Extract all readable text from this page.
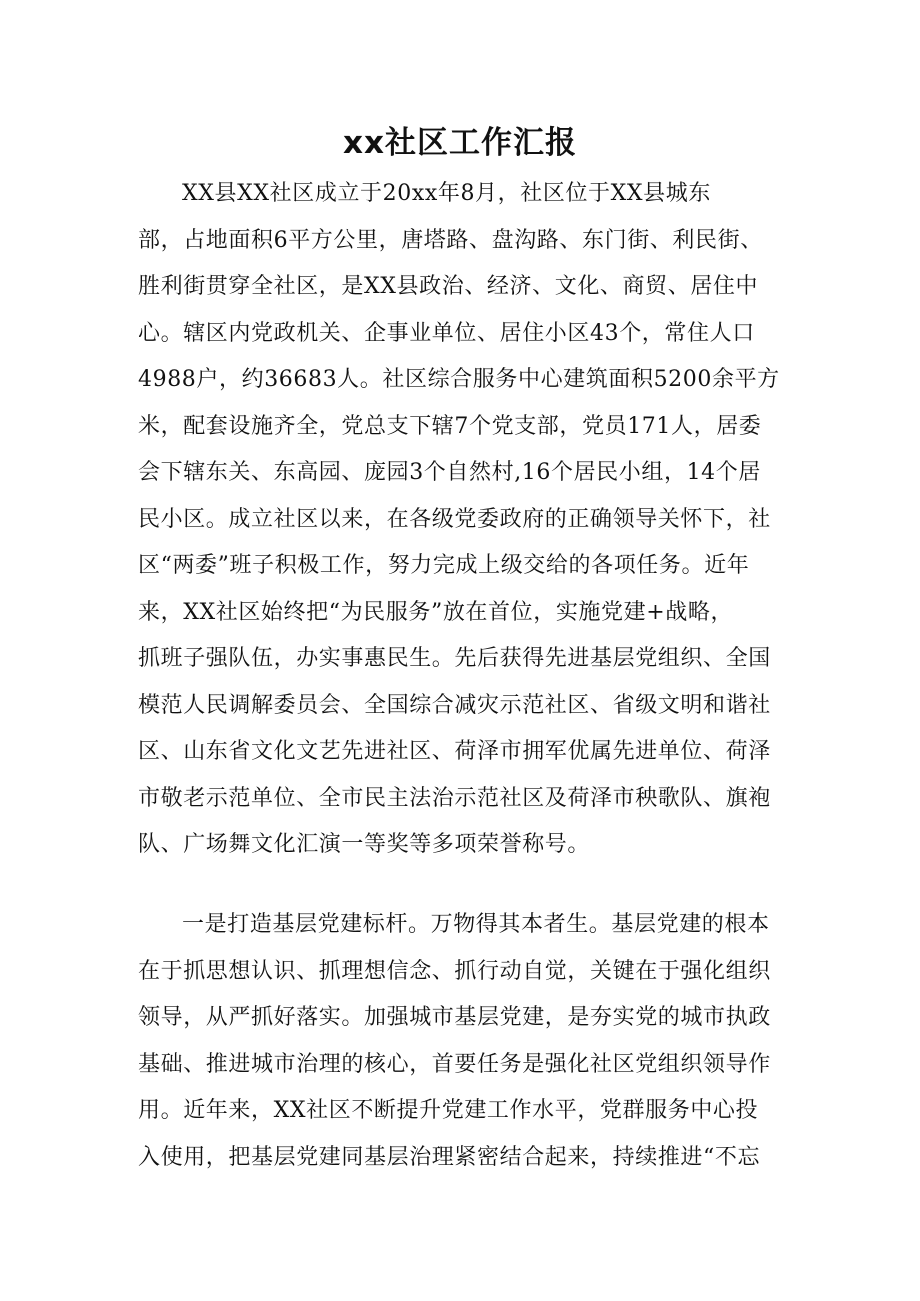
xx社区工作汇报
XX县XX社区成立于20xx年8月，社区位于XX县城东
部，占地面积6平方公里，唐塔路、盘沟路、东门街、利民街、
胜利街贯穿全社区，是XX县政治、经济、文化、商贸、居住中
心。辖区内党政机关、企事业单位、居住小区43个，常住人口
4988户，约36683人。社区综合服务中心建筑面积5200余平方
米，配套设施齐全，党总支下辖7个党支部，党员171人，居委
会下辖东关、东高园、庞园3个自然村,16个居民小组，14个居
民小区。成立社区以来，在各级党委政府的正确领导关怀下，社
区“两委”班子积极工作，努力完成上级交给的各项任务。近年
来，XX社区始终把“为民服务”放在首位，实施党建+战略，
抓班子强队伍，办实事惠民生。先后获得先进基层党组织、全国
模范人民调解委员会、全国综合减灾示范社区、省级文明和谐社
区、山东省文化文艺先进社区、荷泽市拥军优属先进单位、荷泽
市敬老示范单位、全市民主法治示范社区及荷泽市秧歌队、旗袍
队、广场舞文化汇演一等奖等多项荣誉称号。
一是打造基层党建标杆。万物得其本者生。基层党建的根本
在于抓思想认识、抓理想信念、抓行动自觉，关键在于强化组织
领导，从严抓好落实。加强城市基层党建，是夯实党的城市执政
基础、推进城市治理的核心，首要任务是强化社区党组织领导作
用。近年来，XX社区不断提升党建工作水平，党群服务中心投
入使用，把基层党建同基层治理紧密结合起来，持续推进“不忘
